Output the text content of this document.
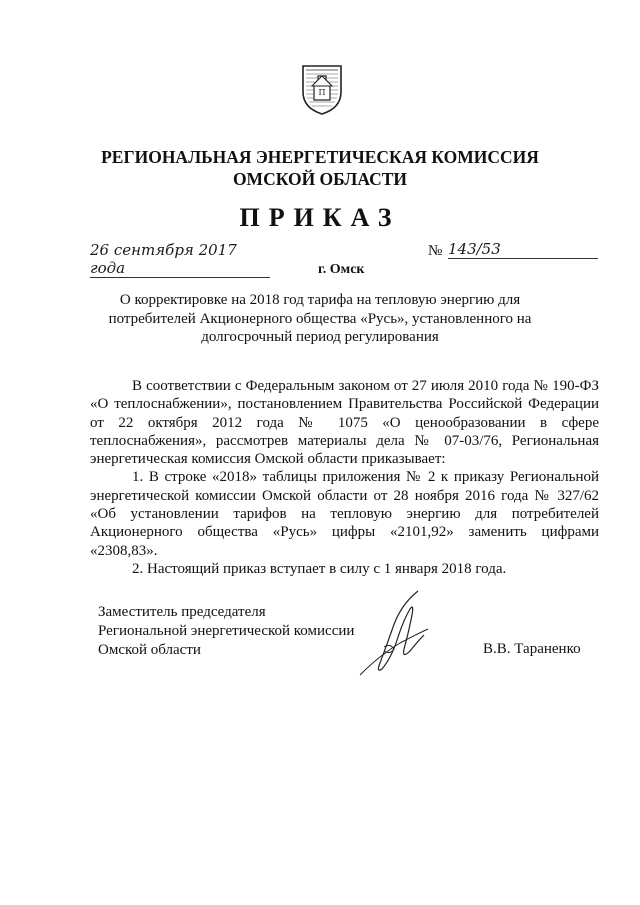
П
РЕГИОНАЛЬНАЯ ЭНЕРГЕТИЧЕСКАЯ КОМИССИЯ
ОМСКОЙ ОБЛАСТИ
ПРИКАЗ
26 сентября 2017 года
№ 143/53
г. Омск
О корректировке на 2018 год тарифа на тепловую энергию для
потребителей Акционерного общества «Русь», установленного на
долгосрочный период регулирования

В соответствии с Федеральным законом от 27 июля 2010 года № 190-ФЗ «О теплоснабжении», постановлением Правительства Российской Федерации от 22 октября 2012 года № 1075 «О ценообразовании в сфере теплоснабжения», рассмотрев материалы дела № 07-03/76, Региональная энергетическая комиссия Омской области приказывает:

1. В строке «2018» таблицы приложения № 2 к приказу Региональной энергетической комиссии Омской области от 28 ноября 2016 года № 327/62 «Об установлении тарифов на тепловую энергию для потребителей Акционерного общества «Русь» цифры «2101,92» заменить цифрами «2308,83».

2. Настоящий приказ вступает в силу с 1 января 2018 года.

Заместитель председателя
Региональной энергетической комиссии
Омской области	В.В. Тараненко
